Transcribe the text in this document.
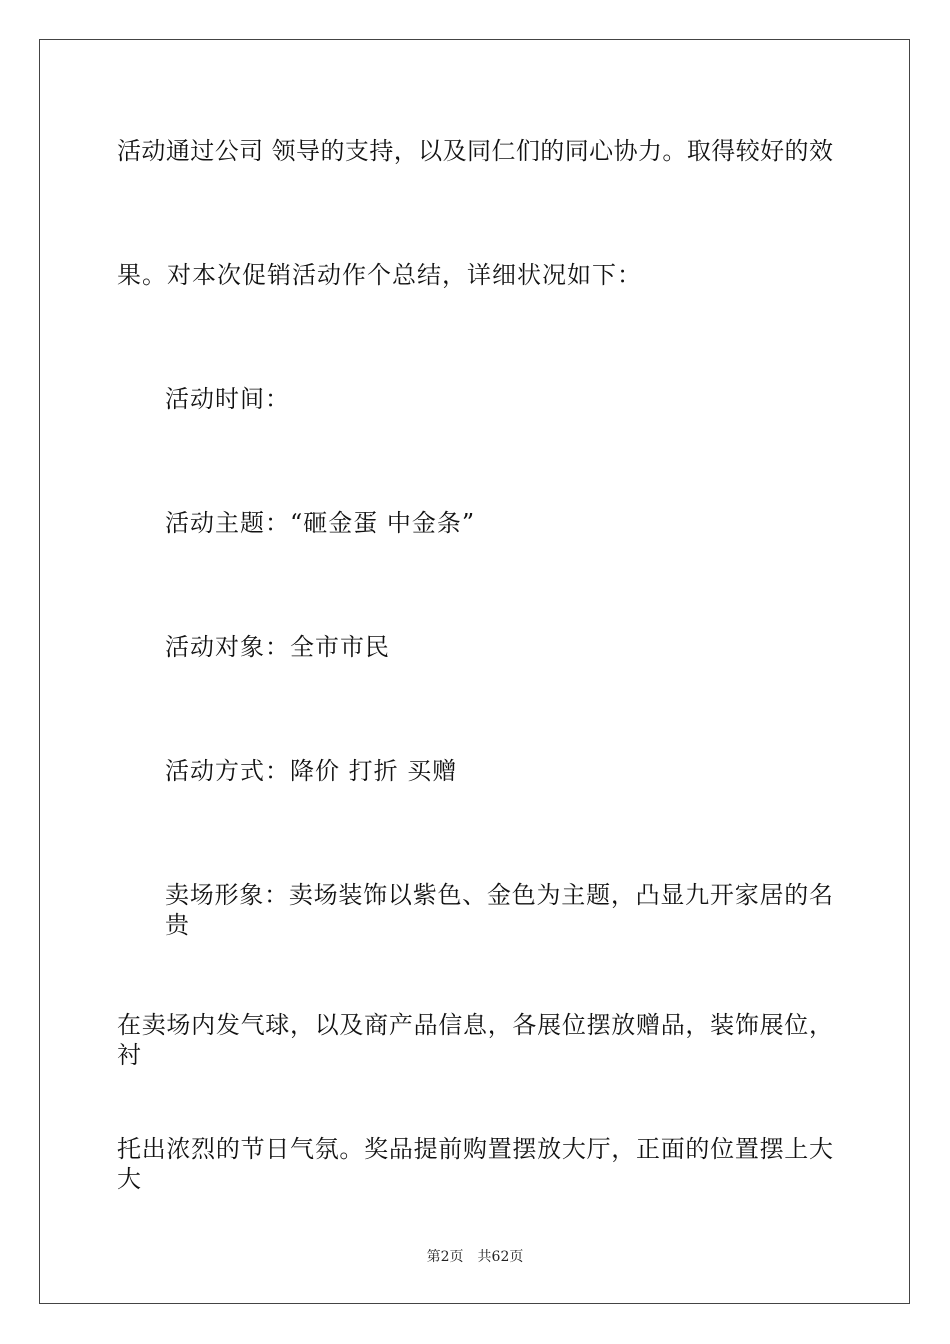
活动通过公司 领导的支持，以及同仁们的同心协力。取得较好的效
果。对本次促销活动作个总结，详细状况如下：
活动时间：
活动主题：“砸金蛋 中金条”
活动对象：全市市民
活动方式：降价 打折 买赠
卖场形象：卖场装饰以紫色、金色为主题，凸显九开家居的名贵
在卖场内发气球，以及商产品信息，各展位摆放赠品，装饰展位，衬
托出浓烈的节日气氛。奖品提前购置摆放大厅，正面的位置摆上大大
第2页　共62页
